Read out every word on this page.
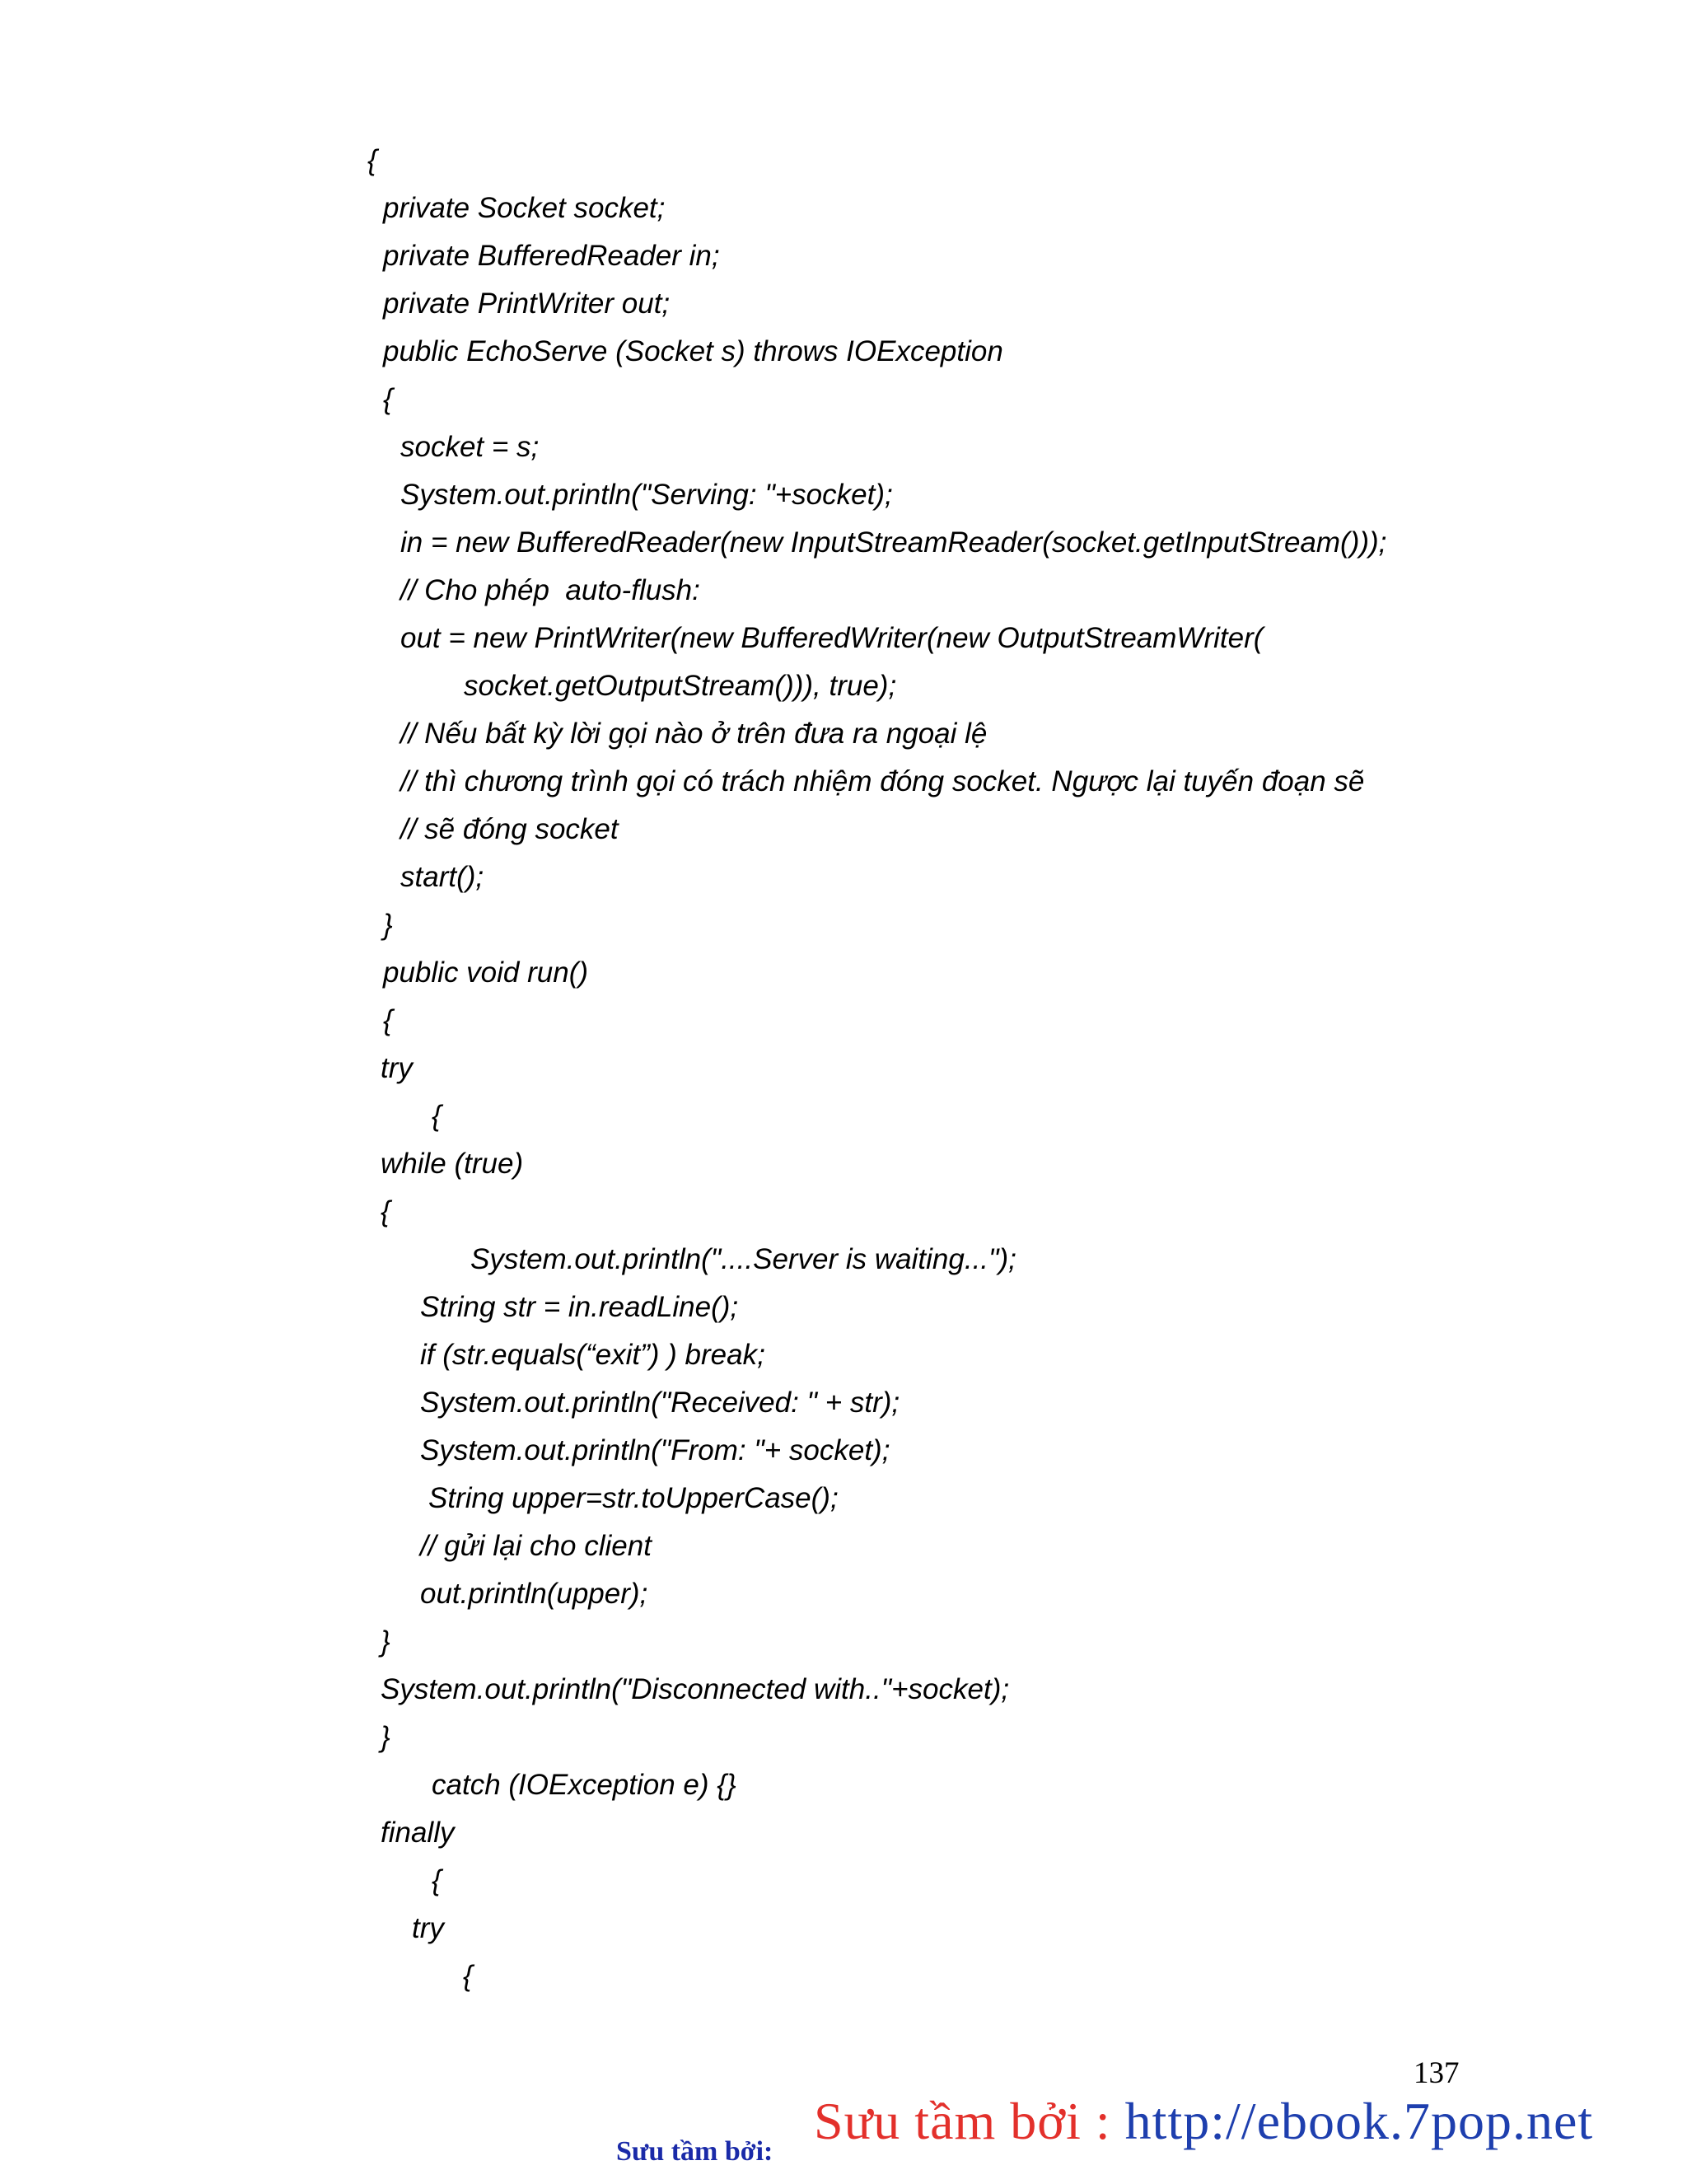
{
private Socket socket;
private BufferedReader in;
private PrintWriter out;
public EchoServe (Socket s) throws IOException
{
socket = s;
System.out.println("Serving: "+socket);
in = new BufferedReader(new InputStreamReader(socket.getInputStream()));
// Cho phép  auto-flush:
out = new PrintWriter(new BufferedWriter(new OutputStreamWriter(
socket.getOutputStream())), true);
// Nếu bất kỳ lời gọi nào ở trên đưa ra ngoại lệ
// thì chương trình gọi có trách nhiệm đóng socket. Ngược lại tuyến đoạn sẽ
// sẽ đóng socket
start();
}
public void run()
{
try
{
while (true)
{
System.out.println("....Server is waiting...");
String str = in.readLine();
if (str.equals(“exit”) ) break;
System.out.println("Received: " + str);
System.out.println("From: "+ socket);
String upper=str.toUpperCase();
// gửi lại cho client
out.println(upper);
}
System.out.println("Disconnected with.."+socket);
}
catch (IOException e) {}
finally
{
try
{
137
Sưu tầm bởi : http://ebook.7pop.net
Sưu tầm bởi:
